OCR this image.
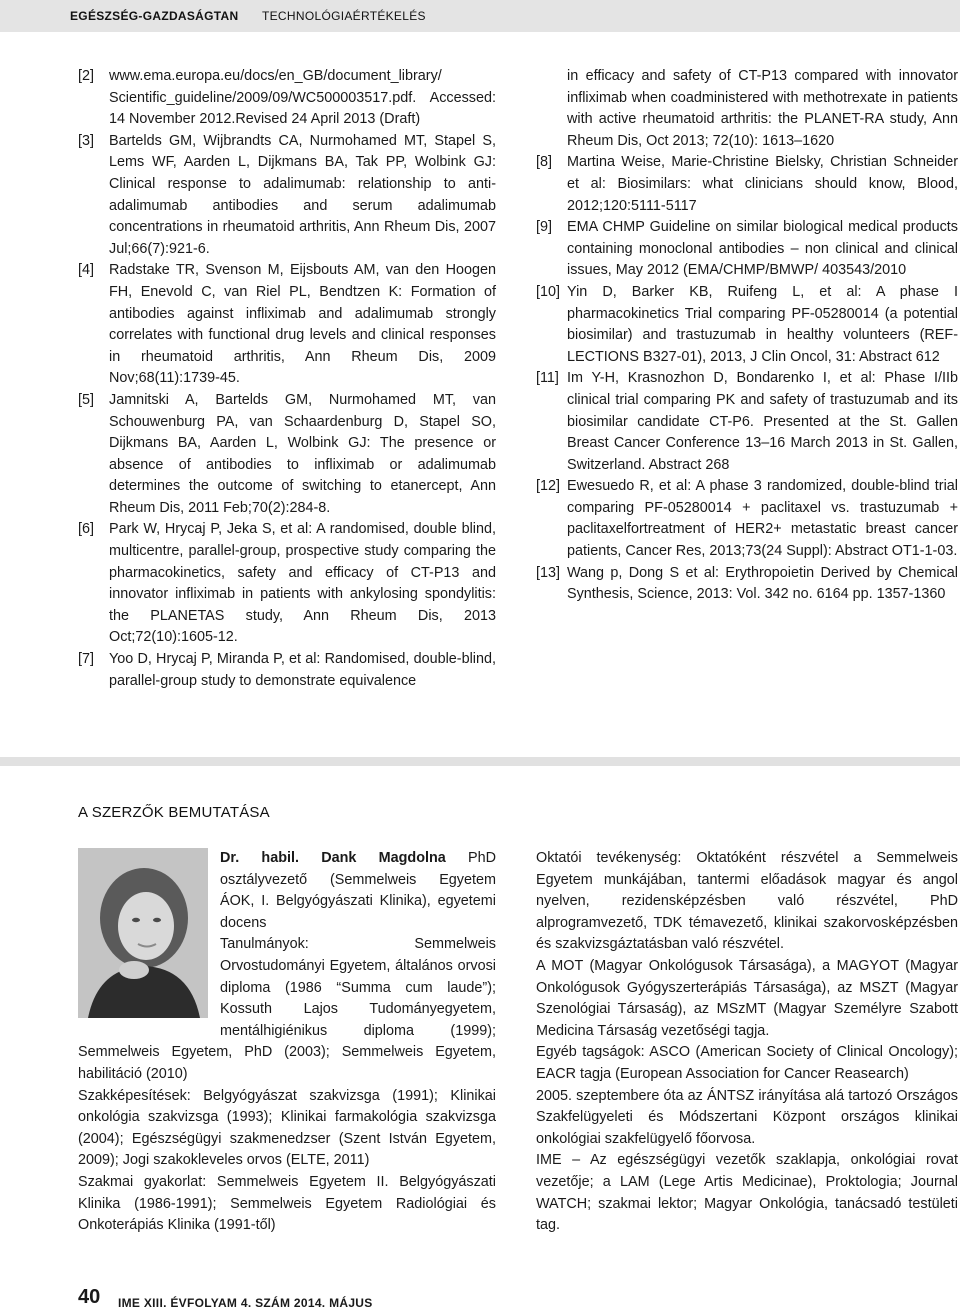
EGÉSZSÉG-GAZDASÁGTAN TECHNOLÓGIAÉRTÉKELÉS
[2] www.ema.europa.eu/docs/en_GB/document_library/ Scientific_guideline/2009/09/WC500003517.pdf. Accessed: 14 November 2012.Revised 24 April 2013 (Draft)
[3] Bartelds GM, Wijbrandts CA, Nurmohamed MT, Stapel S, Lems WF, Aarden L, Dijkmans BA, Tak PP, Wolbink GJ: Clinical response to adalimumab: relationship to anti-adalimumab antibodies and serum adalimumab concentrations in rheumatoid arthritis, Ann Rheum Dis, 2007 Jul;66(7):921-6.
[4] Radstake TR, Svenson M, Eijsbouts AM, van den Hoogen FH, Enevold C, van Riel PL, Bendtzen K: Formation of antibodies against infliximab and adalimumab strongly correlates with functional drug levels and clinical responses in rheumatoid arthritis, Ann Rheum Dis, 2009 Nov;68(11):1739-45.
[5] Jamnitski A, Bartelds GM, Nurmohamed MT, van Schouwenburg PA, van Schaardenburg D, Stapel SO, Dijkmans BA, Aarden L, Wolbink GJ: The presence or absence of antibodies to infliximab or adalimumab determines the outcome of switching to etanercept, Ann Rheum Dis, 2011 Feb;70(2):284-8.
[6] Park W, Hrycaj P, Jeka S, et al: A randomised, double blind, multicentre, parallel-group, prospective study comparing the pharmacokinetics, safety and efficacy of CT-P13 and innovator infliximab in patients with ankylosing spondylitis: the PLANETAS study, Ann Rheum Dis, 2013 Oct;72(10):1605-12.
[7] Yoo D, Hrycaj P, Miranda P, et al: Randomised, double-blind, parallel-group study to demonstrate equivalence
in efficacy and safety of CT-P13 compared with innovator infliximab when coadministered with methotrexate in patients with active rheumatoid arthritis: the PLANET-RA study, Ann Rheum Dis, Oct 2013; 72(10): 1613–1620
[8] Martina Weise, Marie-Christine Bielsky, Christian Schneider et al: Biosimilars: what clinicians should know, Blood, 2012;120:5111-5117
[9] EMA CHMP Guideline on similar biological medical products containing monoclonal antibodies – non clinical and clinical issues, May 2012 (EMA/CHMP/BMWP/ 403543/2010
[10] Yin D, Barker KB, Ruifeng L, et al: A phase I pharmacokinetics Trial comparing PF-05280014 (a potential biosimilar) and trastuzumab in healthy volunteers (REF-LECTIONS B327-01), 2013, J Clin Oncol, 31: Abstract 612
[11] Im Y-H, Krasnozhon D, Bondarenko I, et al: Phase I/IIb clinical trial comparing PK and safety of trastuzumab and its biosimilar candidate CT-P6. Presented at the St. Gallen Breast Cancer Conference 13–16 March 2013 in St. Gallen, Switzerland. Abstract 268
[12] Ewesuedo R, et al: A phase 3 randomized, double-blind trial comparing PF-05280014 + paclitaxel vs. trastuzumab + paclitaxelfortreatment of HER2+ metastatic breast cancer patients, Cancer Res, 2013;73(24 Suppl): Abstract OT1-1-03.
[13] Wang p, Dong S et al: Erythropoietin Derived by Chemical Synthesis, Science, 2013: Vol. 342 no. 6164 pp. 1357-1360
A SZERZŐK BEMUTATÁSA

Dr. habil. Dank Magdolna PhD osztályvezető (Semmelweis Egyetem ÁOK, I. Belgyógyászati Klinika), egyetemi docens

Tanulmányok: Semmelweis Orvostudományi Egyetem, általános orvosi diploma (1986 “Summa cum laude”); Kossuth Lajos Tudományegyetem, mentálhigiénikus diploma (1999); Semmelweis Egyetem, PhD (2003); Semmelweis Egyetem, habilitáció (2010)

Szakképesítések: Belgyógyászat szakvizsga (1991); Klinikai onkológia szakvizsga (1993); Klinikai farmakológia szakvizsga (2004); Egészségügyi szakmenedzser (Szent István Egyetem, 2009); Jogi szakokleveles orvos (ELTE, 2011)

Szakmai gyakorlat: Semmelweis Egyetem II. Belgyógyászati Klinika (1986-1991); Semmelweis Egyetem Radiológiai és Onkoterápiás Klinika (1991-től)

Oktatói tevékenység: Oktatóként részvétel a Semmelweis Egyetem munkájában, tantermi előadások magyar és angol nyelven, rezidensképzésben való részvétel, PhD alprogramvezető, TDK témavezető, klinikai szakorvosképzésben és szakvizsgáztatásban való részvétel.

A MOT (Magyar Onkológusok Társasága), a MAGYOT (Magyar Onkológusok Gyógyszerterápiás Társasága), az MSZT (Magyar Szenológiai Társaság), az MSzMT (Magyar Személyre Szabott Medicina Társaság vezetőségi tagja.

Egyéb tagságok: ASCO (American Society of Clinical Oncology); EACR tagja (European Association for Cancer Reasearch)

2005. szeptembere óta az ÁNTSZ irányítása alá tartozó Országos Szakfelügyeleti és Módszertani Központ országos klinikai onkológiai szakfelügyelő főorvosa.

IME – Az egészségügyi vezetők szaklapja, onkológiai rovat vezetője; a LAM (Lege Artis Medicinae), Proktologia; Journal WATCH; szakmai lektor; Magyar Onkológia, tanácsadó testületi tag.

40 IME XIII. ÉVFOLYAM 4. SZÁM 2014. MÁJUS
